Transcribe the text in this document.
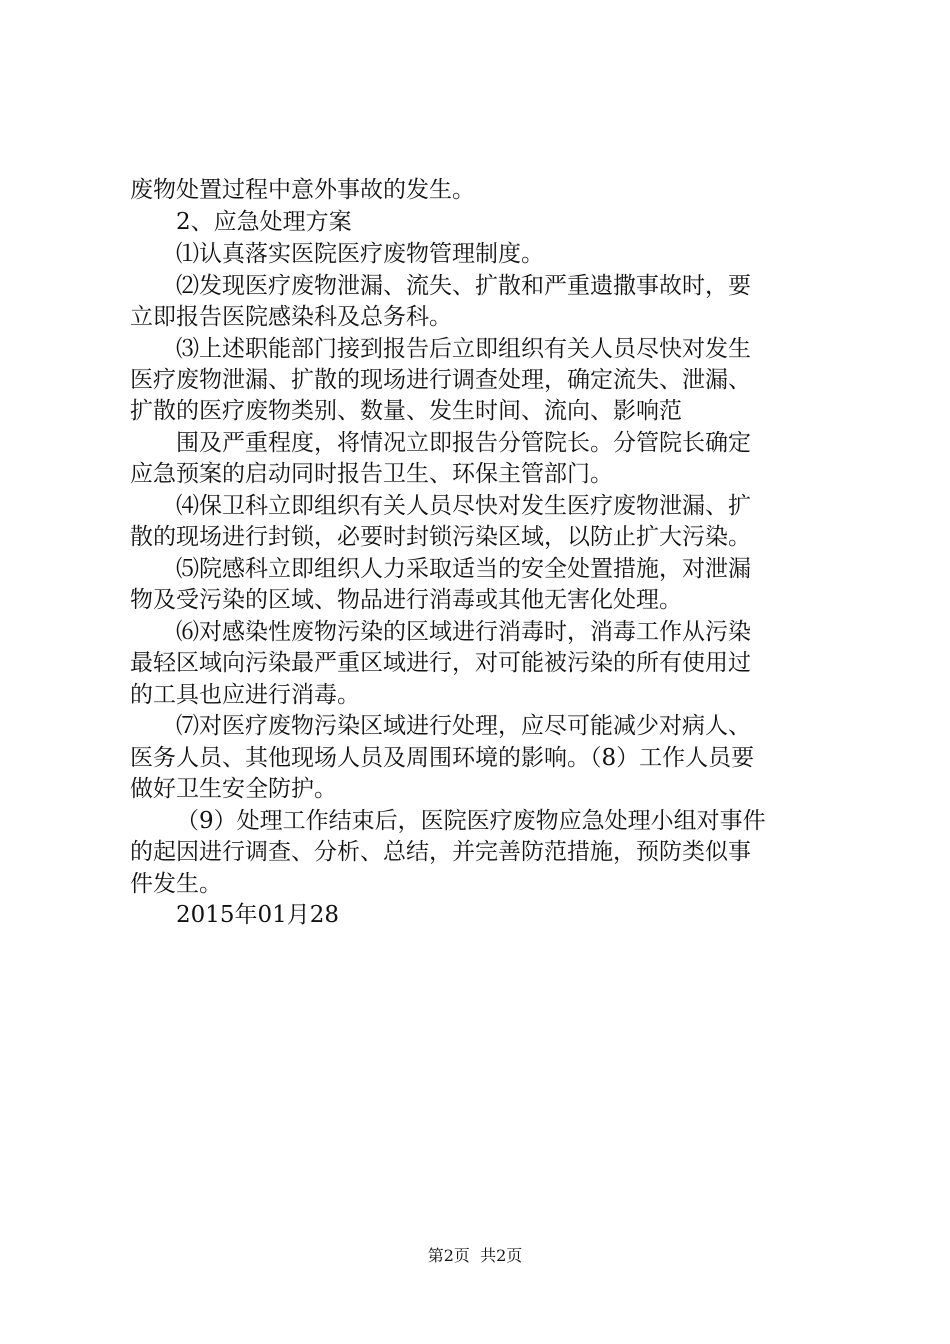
废物处置过程中意外事故的发生。
2、应急处理方案
⑴认真落实医院医疗废物管理制度。
⑵发现医疗废物泄漏、流失、扩散和严重遗撒事故时，要
立即报告医院感染科及总务科。
⑶上述职能部门接到报告后立即组织有关人员尽快对发生
医疗废物泄漏、扩散的现场进行调查处理，确定流失、泄漏、
扩散的医疗废物类别、数量、发生时间、流向、影响范
围及严重程度，将情况立即报告分管院长。分管院长确定
应急预案的启动同时报告卫生、环保主管部门。
⑷保卫科立即组织有关人员尽快对发生医疗废物泄漏、扩
散的现场进行封锁，必要时封锁污染区域，以防止扩大污染。
⑸院感科立即组织人力采取适当的安全处置措施，对泄漏
物及受污染的区域、物品进行消毒或其他无害化处理。
⑹对感染性废物污染的区域进行消毒时，消毒工作从污染
最轻区域向污染最严重区域进行，对可能被污染的所有使用过
的工具也应进行消毒。
⑺对医疗废物污染区域进行处理，应尽可能减少对病人、
医务人员、其他现场人员及周围环境的影响。（8）工作人员要
做好卫生安全防护。
（9）处理工作结束后，医院医疗废物应急处理小组对事件
的起因进行调查、分析、总结，并完善防范措施，预防类似事
件发生。
2015年01月28
第2页  共2页
